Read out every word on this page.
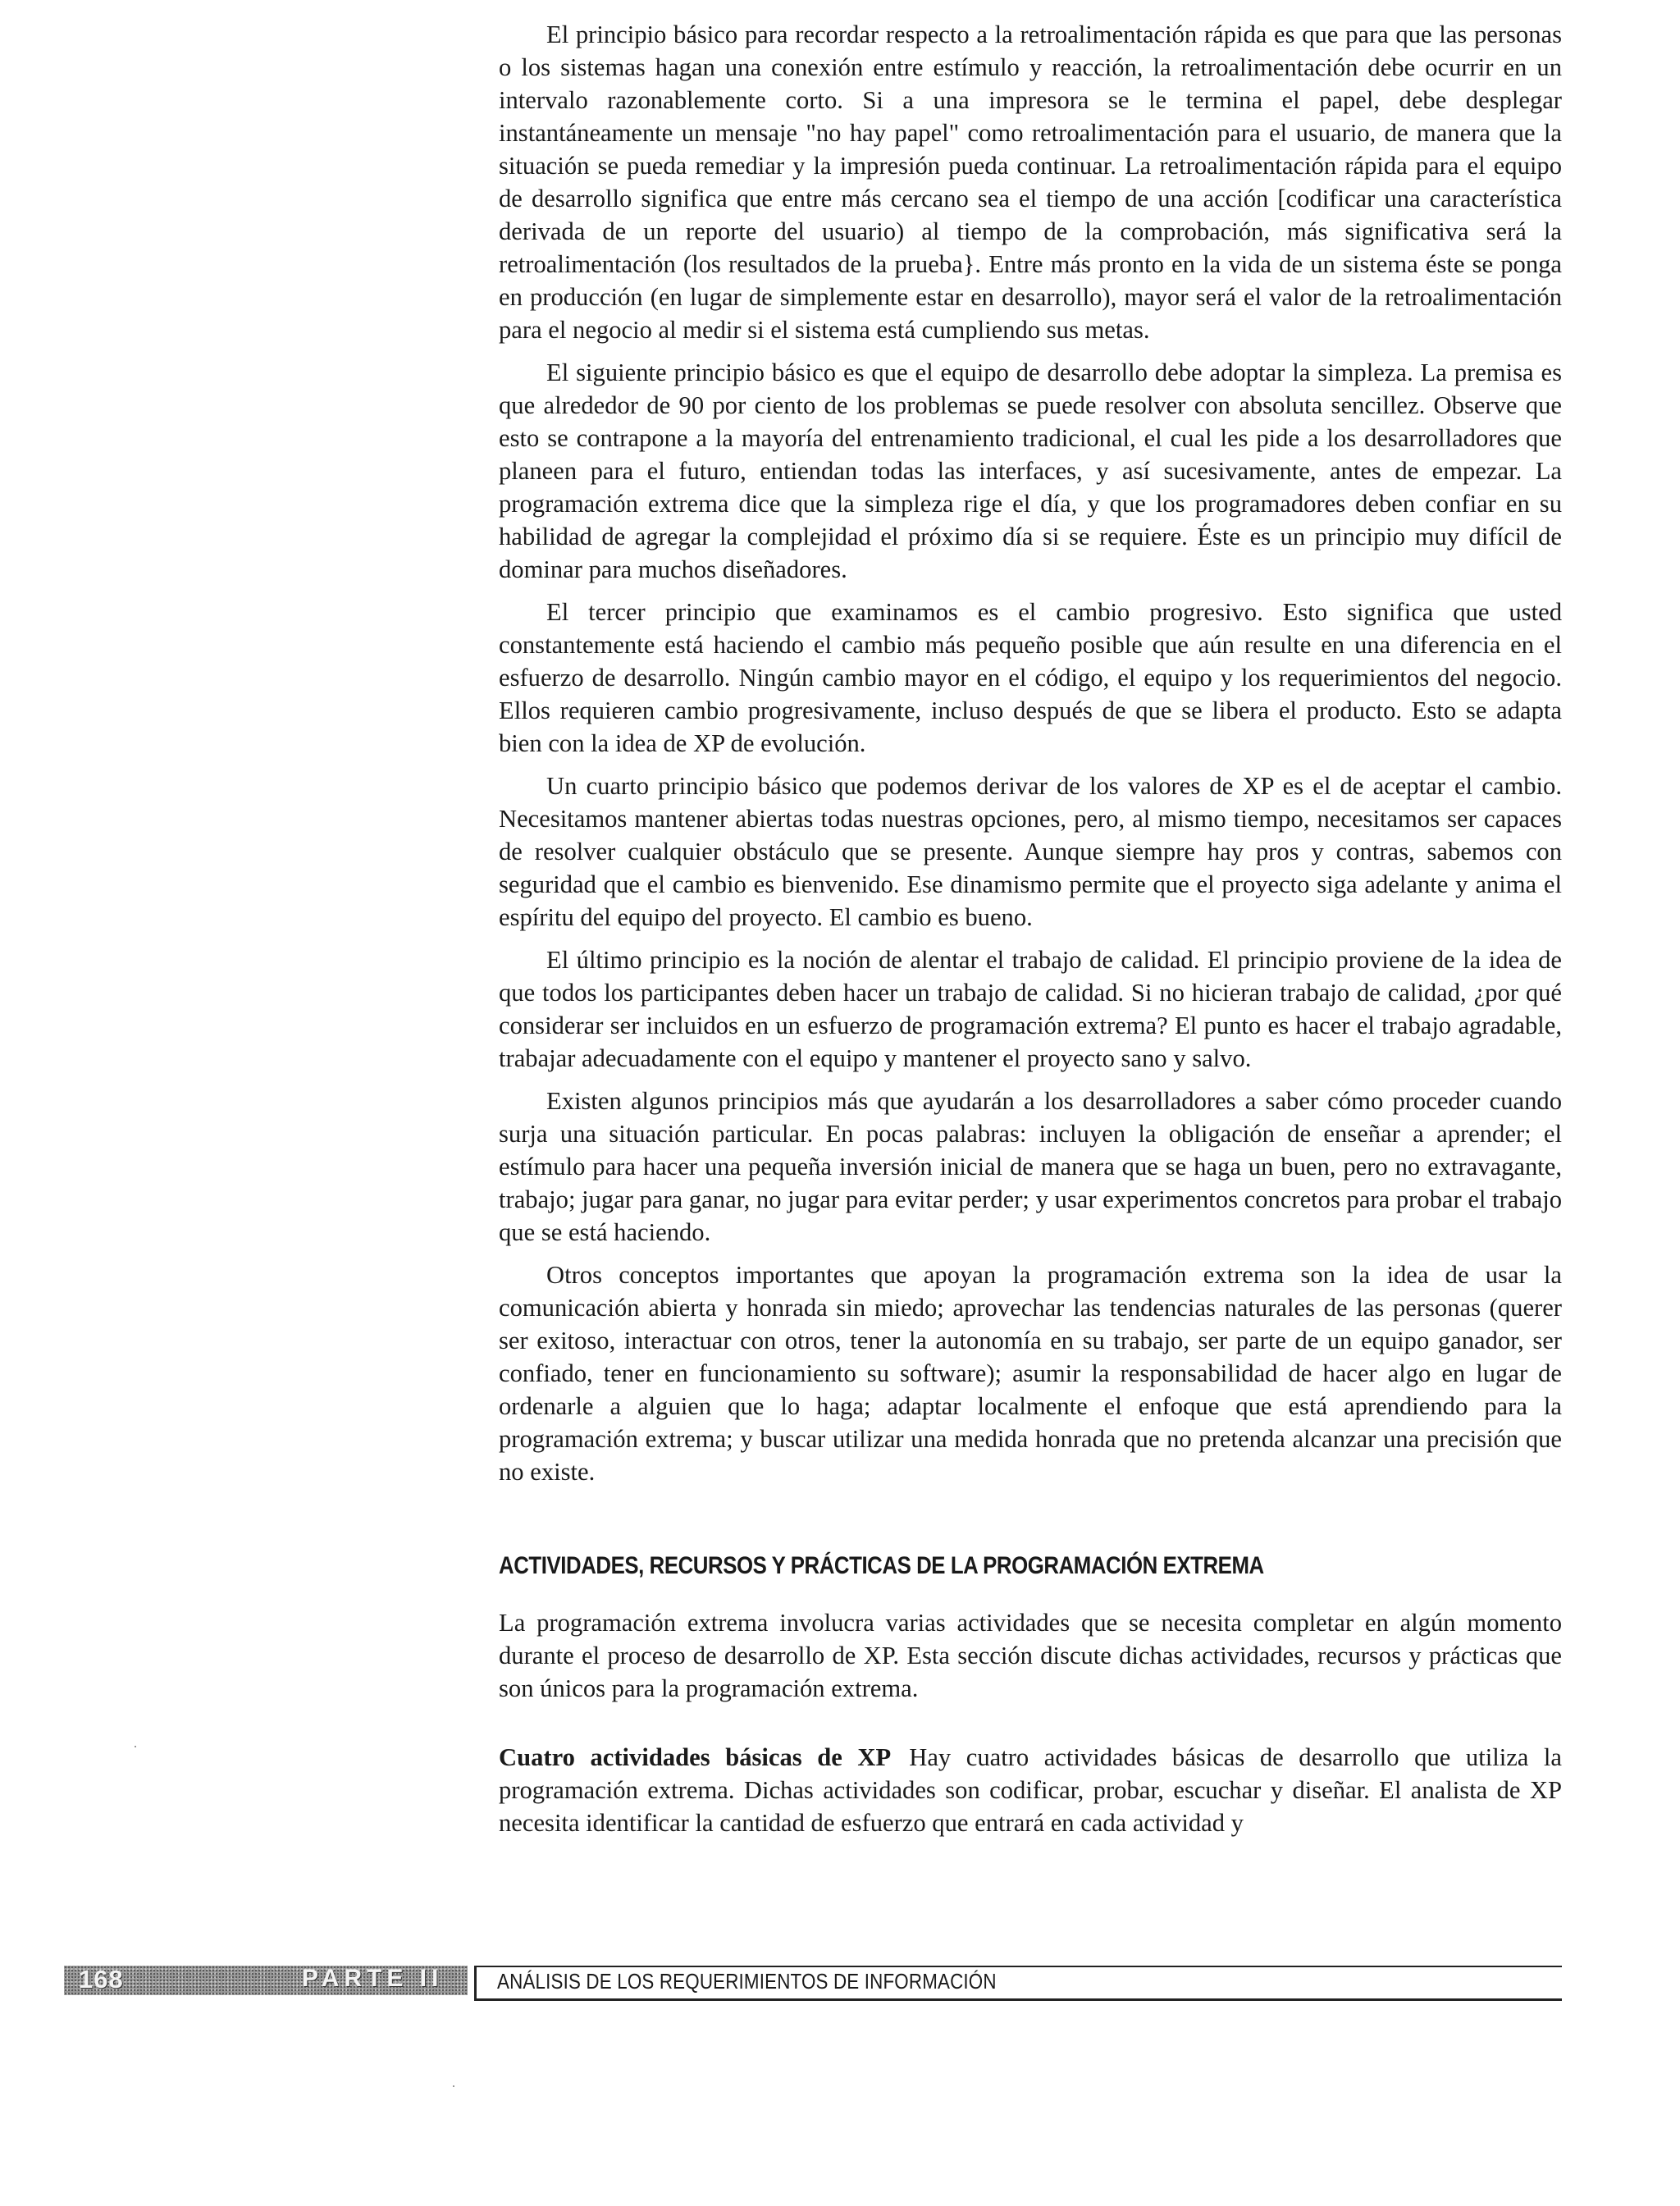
El principio básico para recordar respecto a la retroalimentación rápida es que para que las personas o los sistemas hagan una conexión entre estímulo y reacción, la retroalimentación debe ocurrir en un intervalo razonablemente corto. Si a una impresora se le termina el papel, debe desplegar instantáneamente un mensaje "no hay papel" como retroalimentación para el usuario, de manera que la situación se pueda remediar y la impresión pueda continuar. La retroalimentación rápida para el equipo de desarrollo significa que entre más cercano sea el tiempo de una acción [codificar una característica derivada de un reporte del usuario) al tiempo de la comprobación, más significativa será la retroalimentación (los resultados de la prueba}. Entre más pronto en la vida de un sistema éste se ponga en producción (en lugar de simplemente estar en desarrollo), mayor será el valor de la retroalimentación para el negocio al medir si el sistema está cumpliendo sus metas.

El siguiente principio básico es que el equipo de desarrollo debe adoptar la simpleza. La premisa es que alrededor de 90 por ciento de los problemas se puede resolver con absoluta sencillez. Observe que esto se contrapone a la mayoría del entrenamiento tradicional, el cual les pide a los desarrolladores que planeen para el futuro, entiendan todas las interfaces, y así sucesivamente, antes de empezar. La programación extrema dice que la simpleza rige el día, y que los programadores deben confiar en su habilidad de agregar la complejidad el próximo día si se requiere. Éste es un principio muy difícil de dominar para muchos diseñadores.

El tercer principio que examinamos es el cambio progresivo. Esto significa que usted constantemente está haciendo el cambio más pequeño posible que aún resulte en una diferencia en el esfuerzo de desarrollo. Ningún cambio mayor en el código, el equipo y los requerimientos del negocio. Ellos requieren cambio progresivamente, incluso después de que se libera el producto. Esto se adapta bien con la idea de XP de evolución.

Un cuarto principio básico que podemos derivar de los valores de XP es el de aceptar el cambio. Necesitamos mantener abiertas todas nuestras opciones, pero, al mismo tiempo, necesitamos ser capaces de resolver cualquier obstáculo que se presente. Aunque siempre hay pros y contras, sabemos con seguridad que el cambio es bienvenido. Ese dinamismo permite que el proyecto siga adelante y anima el espíritu del equipo del proyecto. El cambio es bueno.

El último principio es la noción de alentar el trabajo de calidad. El principio proviene de la idea de que todos los participantes deben hacer un trabajo de calidad. Si no hicieran trabajo de calidad, ¿por qué considerar ser incluidos en un esfuerzo de programación extrema? El punto es hacer el trabajo agradable, trabajar adecuadamente con el equipo y mantener el proyecto sano y salvo.

Existen algunos principios más que ayudarán a los desarrolladores a saber cómo proceder cuando surja una situación particular. En pocas palabras: incluyen la obligación de enseñar a aprender; el estímulo para hacer una pequeña inversión inicial de manera que se haga un buen, pero no extravagante, trabajo; jugar para ganar, no jugar para evitar perder; y usar experimentos concretos para probar el trabajo que se está haciendo.

Otros conceptos importantes que apoyan la programación extrema son la idea de usar la comunicación abierta y honrada sin miedo; aprovechar las tendencias naturales de las personas (querer ser exitoso, interactuar con otros, tener la autonomía en su trabajo, ser parte de un equipo ganador, ser confiado, tener en funcionamiento su software); asumir la responsabilidad de hacer algo en lugar de ordenarle a alguien que lo haga; adaptar localmente el enfoque que está aprendiendo para la programación extrema; y buscar utilizar una medida honrada que no pretenda alcanzar una precisión que no existe.

ACTIVIDADES, RECURSOS Y PRÁCTICAS DE LA PROGRAMACIÓN EXTREMA

La programación extrema involucra varias actividades que se necesita completar en algún momento durante el proceso de desarrollo de XP. Esta sección discute dichas actividades, recursos y prácticas que son únicos para la programación extrema.

Cuatro actividades básicas de XP Hay cuatro actividades básicas de desarrollo que utiliza la programación extrema. Dichas actividades son codificar, probar, escuchar y diseñar. El analista de XP necesita identificar la cantidad de esfuerzo que entrará en cada actividad y

168	PARTE II	ANÁLISIS DE LOS REQUERIMIENTOS DE INFORMACIÓN
